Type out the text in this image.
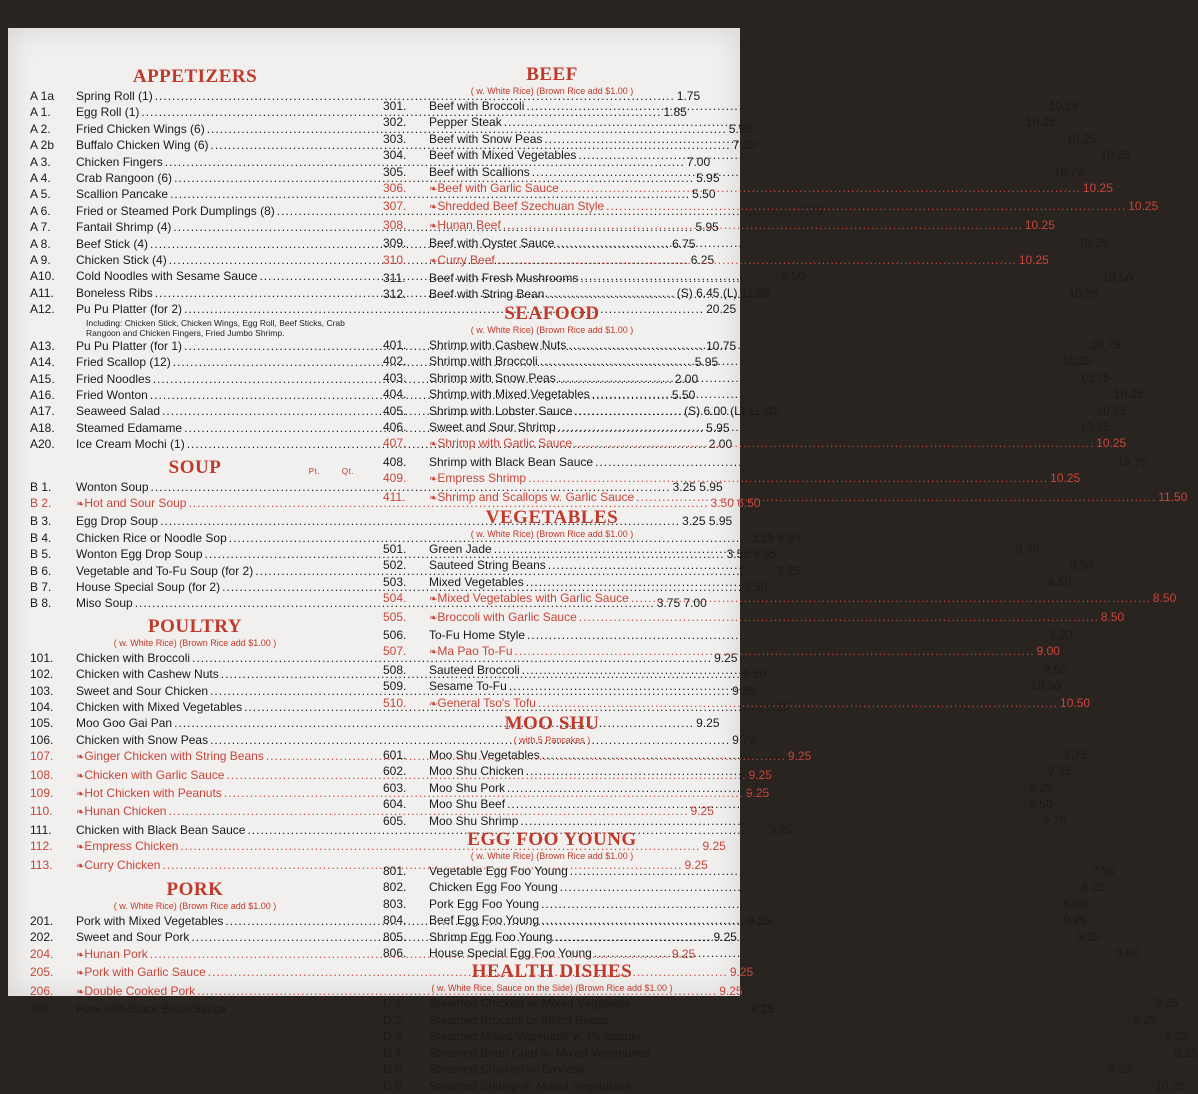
APPETIZERS
A 1a	Spring Roll (1) .....	1.75
A 1.	Egg Roll (1) .....	1.85
A 2.	Fried Chicken Wings (6) .....	5.95
A 2b	Buffalo Chicken Wing (6) .....	7.25
A 3.	Chicken Fingers .....	7.00
A 4.	Crab Rangoon (6) .....	5.95
A 5.	Scallion Pancake .....	5.50
A 6.	Fried or Steamed Pork Dumplings (8) .....	7.75
A 7.	Fantail Shrimp (4) .....	5.95
A 8.	Beef Stick (4) .....	6.75
A 9.	Chicken Stick (4) .....	6.25
A10.	Cold Noodles with Sesame Sauce .....	6.50
A11.	Boneless Ribs .....	(S) 6.45 (L) 11.05
A12.	Pu Pu Platter (for 2) .....	20.25
Including: Chicken Stick, Chicken Wings, Egg Roll, Beef Sticks, Crab Rangoon and Chicken Fingers, Fried Jumbo Shrimp.
A13.	Pu Pu Platter (for 1) .....	10.75
A14.	Fried Scallop (12) .....	5.95
A15.	Fried Noodles .....	2.00
A16.	Fried Wonton .....	5.50
A17.	Seaweed Salad .....	(S) 6.00 (L) 11.00
A18.	Steamed Edamame .....	5.95
A20.	Ice Cream Mochi (1) .....	2.00
SOUP	Pt.	Qt.
B 1.	Wonton Soup .....	3.25 5.95
B 2.	❧ Hot and Sour Soup .....	3.50 6.50
B 3.	Egg Drop Soup .....	3.25 5.95
B 4.	Chicken Rice or Noodle Sop .....	3.25 5.95
B 5.	Wonton Egg Drop Soup .....	3.50 6.95
B 6.	Vegetable and To-Fu Soup (for 2) .....	7.25
B 7.	House Special Soup (for 2) .....	7.50
B 8.	Miso Soup .....	3.75 7.00
POULTRY
( w. White Rice) (Brown Rice add $1.00 )
101.	Chicken with Broccoli .....	9.25
102.	Chicken with Cashew Nuts .....	9.50
103.	Sweet and Sour Chicken .....	9.25
104.	Chicken with Mixed Vegetables .....	9.25
105.	Moo Goo Gai Pan .....	9.25
106.	Chicken with Snow Peas .....	9.75
107.	❧ Ginger Chicken with String Beans .....	9.25
108.	❧ Chicken with Garlic Sauce .....	9.25
109.	❧ Hot Chicken with Peanuts .....	9.25
110.	❧ Hunan Chicken .....	9.25
111.	Chicken with Black Bean Sauce .....	9.25
112.	❧ Empress Chicken .....	9.25
113.	❧ Curry Chicken .....	9.25
PORK
( w. White Rice) (Brown Rice add $1.00 )
201.	Pork with Mixed Vegetables .....	9.25
202.	Sweet and Sour Pork .....	9.25
204.	❧ Hunan Pork .....	9.25
205.	❧ Pork with Garlic Sauce .....	9.25
206.	❧ Double Cooked Pork .....	9.25
207.	Pork with Black Bean Sauce .....	9.25
BEEF
( w. White Rice) (Brown Rice add $1.00 )
301.	Beef with Broccoli .....	10.25
302.	Pepper Steak .....	10.25
303.	Beef with Snow Peas .....	10.25
304.	Beef with Mixed Vegetables .....	10.25
305.	Beef with Scallions .....	10.75
306.	❧ Beef with Garlic Sauce .....	10.25
307.	❧ Shredded Beef Szechuan Style .....	10.25
308.	❧ Hunan Beef .....	10.25
309.	Beef with Oyster Sauce .....	10.25
310.	❧ Curry Beef .....	10.25
311.	Beef with Fresh Mushrooms .....	10.50
312.	Beef with String Bean .....	10.25
SEAFOOD
( w. White Rice) (Brown Rice add $1.00 )
401.	Shrimp with Cashew Nuts .....	10.75
402.	Shrimp with Broccoli .....	10.25
403.	Shrimp with Snow Peas .....	10.75
404.	Shrimp with Mixed Vegetables .....	10.25
405.	Shrimp with Lobster Sauce .....	10.25
406.	Sweet and Sour Shrimp .....	10.25
407.	❧ Shrimp with Garlic Sauce .....	10.25
408.	Shrimp with Black Bean Sauce .....	10.75
409.	❧ Empress Shrimp .....	10.25
411.	❧ Shrimp and Scallops w. Garlic Sauce .....	11.50
VEGETABLES
( w. White Rice) (Brown Rice add $1.00 )
501.	Green Jade .....	8.75
502.	Sauteed String Beans .....	8.50
503.	Mixed Vegetables .....	8.50
504.	❧ Mixed Vegetables with Garlic Sauce .....	8.50
505.	❧ Broccoli with Garlic Sauce .....	8.50
506.	To-Fu Home Style .....	9.20
507.	❧ Ma Pao To-Fu .....	9.00
508.	Sauteed Broccoli .....	8.50
509.	Sesame To-Fu .....	10.50
510.	❧ General Tso's Tofu .....	10.50
MOO SHU
( with 5 Pancakes )
601.	Moo Shu Vegetables .....	8.75
602.	Moo Shu Chicken .....	9.25
603.	Moo Shu Pork .....	9.25
604.	Moo Shu Beef .....	9.50
605.	Moo Shu Shrimp .....	9.75
EGG FOO YOUNG
( w. White Rice) (Brown Rice add $1.00 )
801.	Vegetable Egg Foo Young .....	7.50
802.	Chicken Egg Foo Young .....	8.25
803.	Pork Egg Foo Young .....	8.00
804.	Beef Egg Foo Young .....	9.25
805.	Shrimp Egg Foo Young .....	9.25
806.	House Special Egg Foo Young .....	9.50
HEALTH DISHES
( w. White Rice, Sauce on the Side) (Brown Rice add $1.00 )
D 1.	Steamed Chicken w. Mixed Vegetable .....	9.25
D 2.	Steamed Broccoli or String Beans .....	8.25
D 3.	Steamed Mixed Vegetable w. Pineapple .....	8.25
D 4.	Steamed Bean Curd w. Mixed Vegetables .....	8.25
D 5.	Steamed Chicken w. Broccoli .....	9.25
D 6.	Steamed Shrimp w. Mixed Vegetables .....	10.25
